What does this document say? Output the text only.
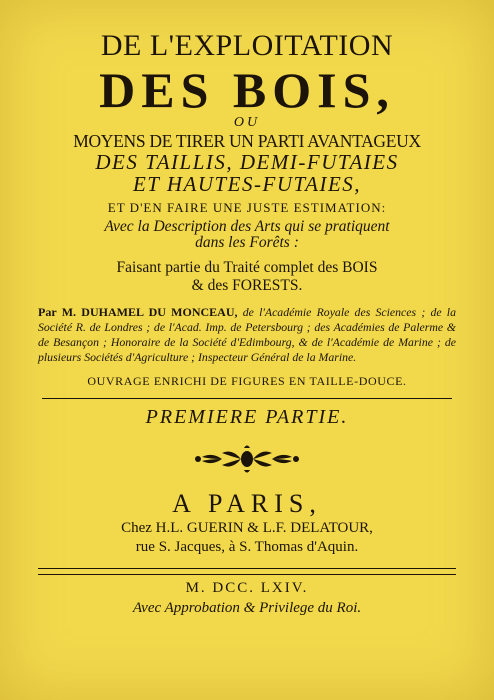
DE L'EXPLOITATION

DES BOIS,

OU

MOYENS DE TIRER UN PARTI AVANTAGEUX

DES TAILLIS, DEMI-FUTAIES

ET HAUTES-FUTAIES,

ET D'EN FAIRE UNE JUSTE ESTIMATION:

Avec la Description des Arts qui se pratiquent

dans les Forêts :

Faisant partie du Traité complet des BOIS

& des FORESTS.

Par M. DUHAMEL DU MONCEAU, de l'Académie Royale des Sciences ; de la Société R. de Londres ; de l'Acad. Imp. de Petersbourg ; des Académies de Palerme & de Besançon ; Honoraire de la Société d'Edimbourg, & de l'Académie de Marine ; de plusieurs Sociétés d'Agriculture ; Inspecteur Général de la Marine.

OUVRAGE ENRICHI DE FIGURES EN TAILLE-DOUCE.

PREMIERE PARTIE.

A PARIS,

Chez H.L. GUERIN & L.F. DELATOUR,

rue S. Jacques, à S. Thomas d'Aquin.

M. DCC. LXIV.

Avec Approbation & Privilege du Roi.
